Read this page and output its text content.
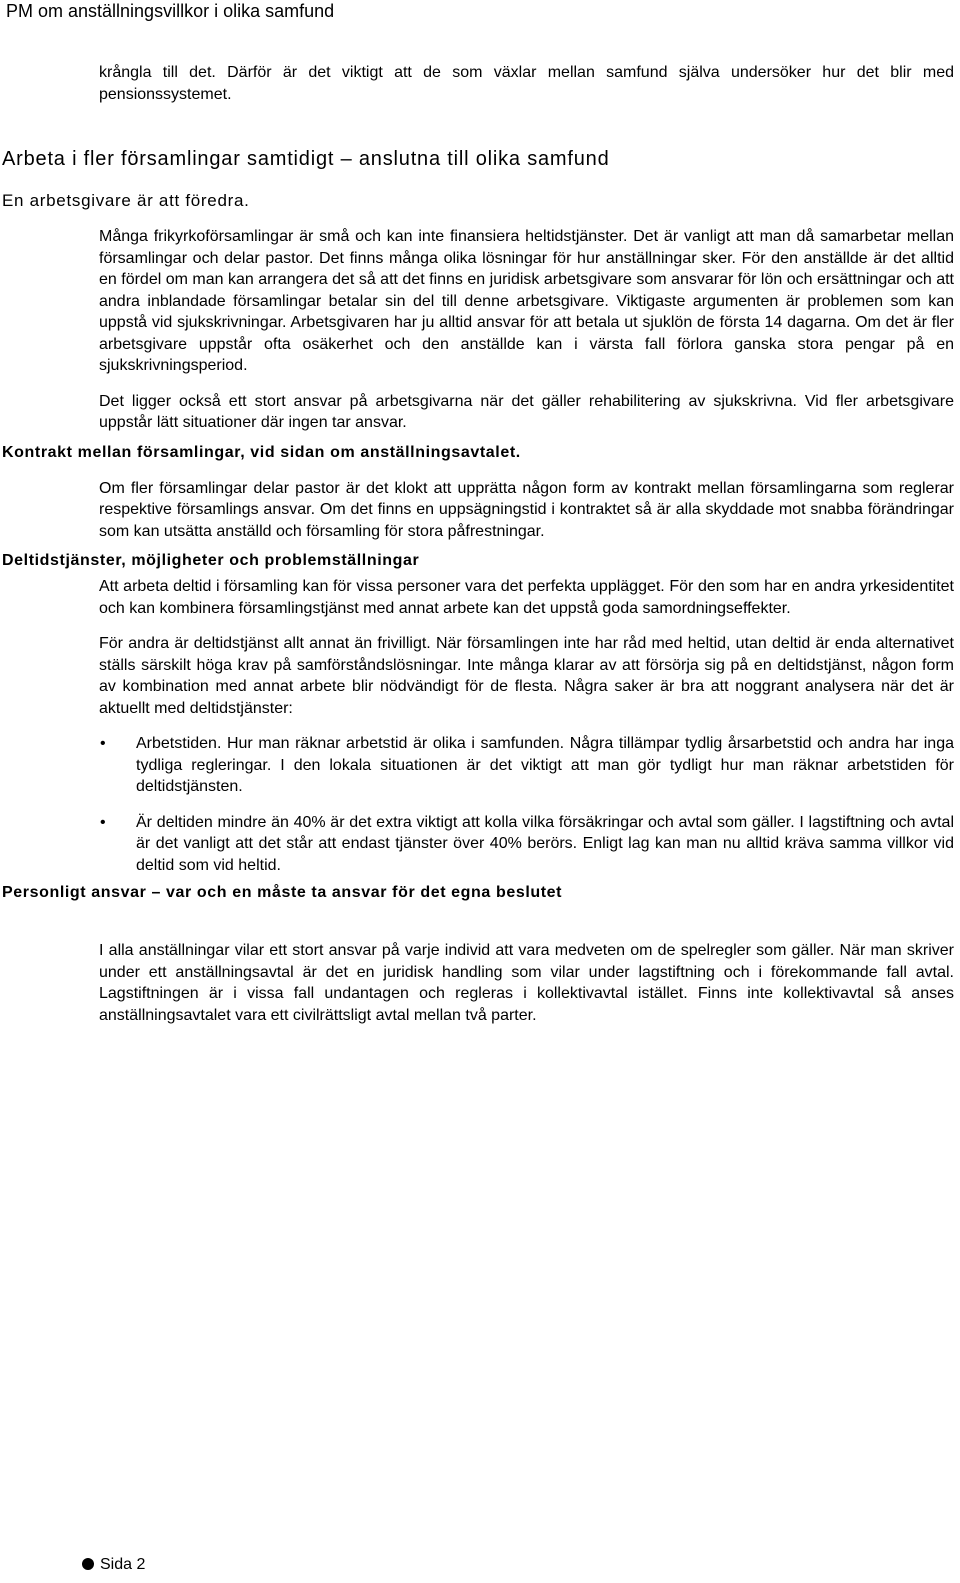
PM om anställningsvillkor i olika samfund

krångla till det. Därför är det viktigt att de som växlar mellan samfund själva undersöker hur det blir med pensionssystemet.

Arbeta i fler församlingar samtidigt – anslutna till olika samfund
En arbetsgivare är att föredra.

Många frikyrkoförsamlingar är små och kan inte finansiera heltidstjänster. Det är vanligt att man då samarbetar mellan församlingar och delar pastor. Det finns många olika lösningar för hur anställningar sker. För den anställde är det alltid en fördel om man kan arrangera det så att det finns en juridisk arbetsgivare som ansvarar för lön och ersättningar och att andra inblandade församlingar betalar sin del till denne arbetsgivare. Viktigaste argumenten är problemen som kan uppstå vid sjukskrivningar. Arbetsgivaren har ju alltid ansvar för att betala ut sjuklön de första 14 dagarna. Om det är fler arbetsgivare uppstår ofta osäkerhet och den anställde kan i värsta fall förlora ganska stora pengar på en sjukskrivningsperiod.

Det ligger också ett stort ansvar på arbetsgivarna när det gäller rehabilitering av sjukskrivna. Vid fler arbetsgivare uppstår lätt situationer där ingen tar ansvar.

Kontrakt mellan församlingar, vid sidan om anställningsavtalet.

Om fler församlingar delar pastor är det klokt att upprätta någon form av kontrakt mellan församlingarna som reglerar respektive församlings ansvar. Om det finns en uppsägningstid i kontraktet så är alla skyddade mot snabba förändringar som kan utsätta anställd och församling för stora påfrestningar.

Deltidstjänster, möjligheter och problemställningar

Att arbeta deltid i församling kan för vissa personer vara det perfekta upplägget. För den som har en andra yrkesidentitet och kan kombinera församlingstjänst med annat arbete kan det uppstå goda samordningseffekter.

För andra är deltidstjänst allt annat än frivilligt. När församlingen inte har råd med heltid, utan deltid är enda alternativet ställs särskilt höga krav på samförståndslösningar. Inte många klarar av att försörja sig på en deltidstjänst, någon form av kombination med annat arbete blir nödvändigt för de flesta. Några saker är bra att noggrant analysera när det är aktuellt med deltidstjänster:

• Arbetstiden. Hur man räknar arbetstid är olika i samfunden. Några tillämpar tydlig årsarbetstid och andra har inga tydliga regleringar. I den lokala situationen är det viktigt att man gör tydligt hur man räknar arbetstiden för deltidstjänsten.
• Är deltiden mindre än 40% är det extra viktigt att kolla vilka försäkringar och avtal som gäller. I lagstiftning och avtal är det vanligt att det står att endast tjänster över 40% berörs. Enligt lag kan man nu alltid kräva samma villkor vid deltid som vid heltid.
Personligt ansvar – var och en måste ta ansvar för det egna beslutet

I alla anställningar vilar ett stort ansvar på varje individ att vara medveten om de spelregler som gäller. När man skriver under ett anställningsavtal är det en juridisk handling som vilar under lagstiftning och i förekommande fall avtal. Lagstiftningen är i vissa fall undantagen och regleras i kollektivavtal istället. Finns inte kollektivavtal så anses anställningsavtalet vara ett civilrättsligt avtal mellan två parter.

Sida 2
